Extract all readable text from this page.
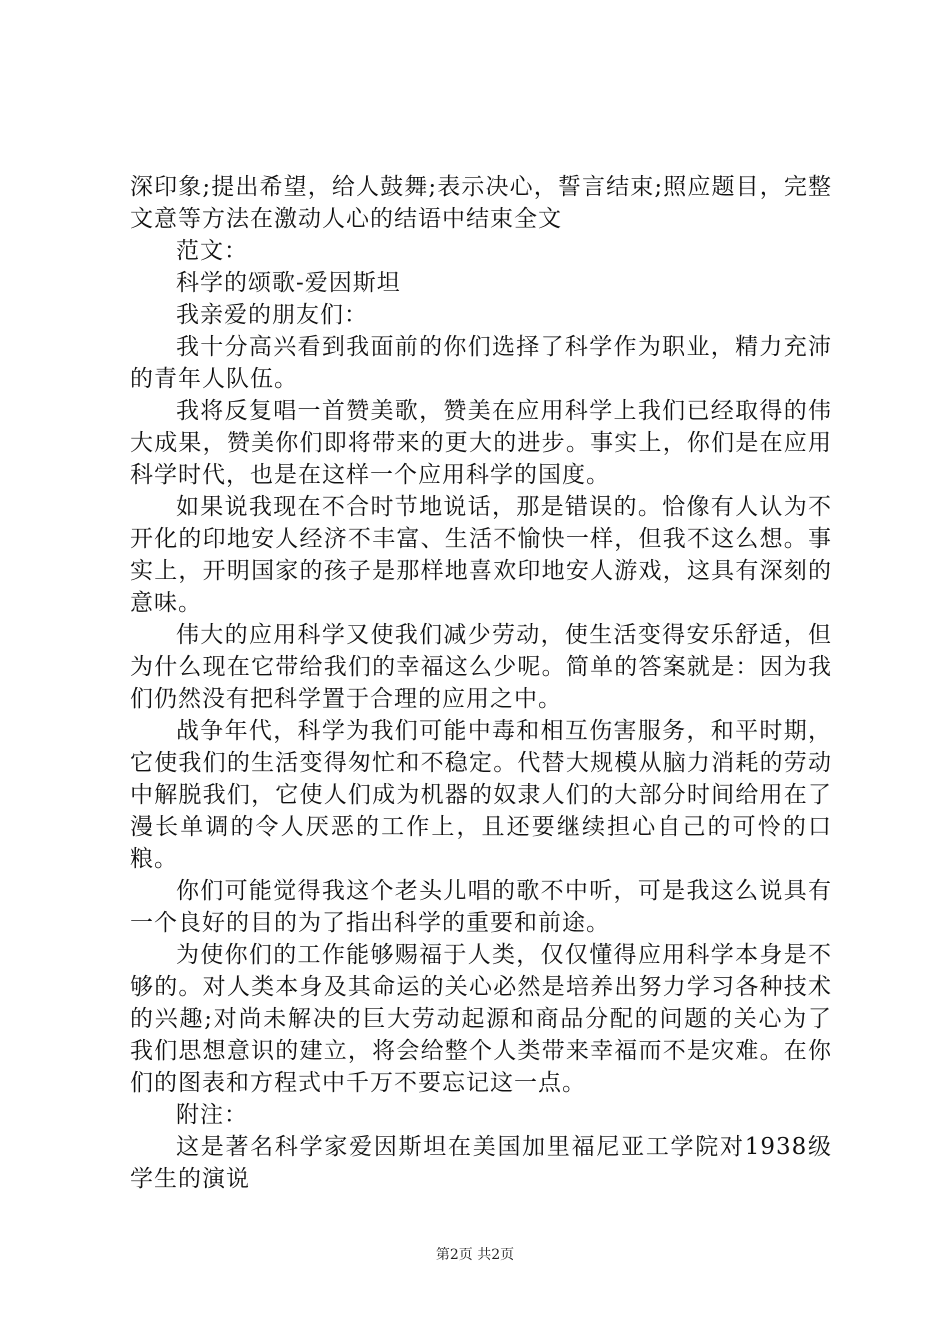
深印象;提出希望，给人鼓舞;表示决心，誓言结束;照应题目，完整文意等方法在激动人心的结语中结束全文

范文：

科学的颂歌-爱因斯坦

我亲爱的朋友们：

我十分高兴看到我面前的你们选择了科学作为职业，精力充沛的青年人队伍。

我将反复唱一首赞美歌，赞美在应用科学上我们已经取得的伟大成果，赞美你们即将带来的更大的进步。事实上，你们是在应用科学时代，也是在这样一个应用科学的国度。

如果说我现在不合时节地说话，那是错误的。恰像有人认为不开化的印地安人经济不丰富、生活不愉快一样，但我不这么想。事实上，开明国家的孩子是那样地喜欢印地安人游戏，这具有深刻的意味。

伟大的应用科学又使我们减少劳动，使生活变得安乐舒适，但为什么现在它带给我们的幸福这么少呢。简单的答案就是：因为我们仍然没有把科学置于合理的应用之中。

战争年代，科学为我们可能中毒和相互伤害服务，和平时期，它使我们的生活变得匆忙和不稳定。代替大规模从脑力消耗的劳动中解脱我们，它使人们成为机器的奴隶人们的大部分时间给用在了漫长单调的令人厌恶的工作上，且还要继续担心自己的可怜的口粮。

你们可能觉得我这个老头儿唱的歌不中听，可是我这么说具有一个良好的目的为了指出科学的重要和前途。

为使你们的工作能够赐福于人类，仅仅懂得应用科学本身是不够的。对人类本身及其命运的关心必然是培养出努力学习各种技术的兴趣;对尚未解决的巨大劳动起源和商品分配的问题的关心为了我们思想意识的建立，将会给整个人类带来幸福而不是灾难。在你们的图表和方程式中千万不要忘记这一点。

附注：

这是著名科学家爱因斯坦在美国加里福尼亚工学院对1938级学生的演说

第2页 共2页
